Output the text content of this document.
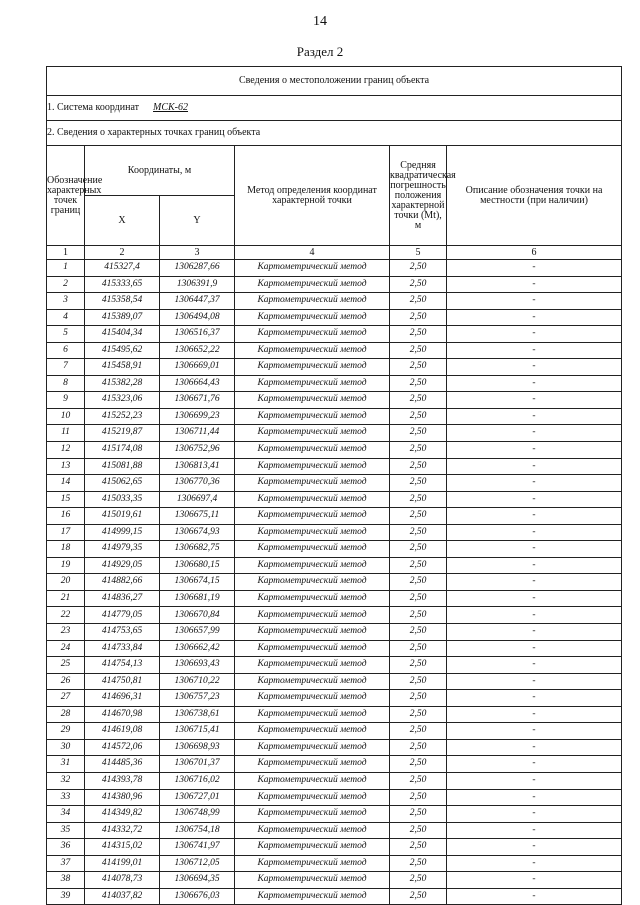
14
Раздел 2
Сведения о местоположении границ объекта					
1. Система координат МСК-62					
2. Сведения о характерных точках границ объекта					
Обозначение характерных точек границ	Координаты, м		Метод определения координат характерной точки	Средняя квадратическая погрешность положения характерной точки (Mt), м	Описание обозначения точки на местности (при наличии)
	X	Y			
1	2	3	4	5	6
1	415327,4	1306287,66	Картометрический метод	2,50	-
2	415333,65	1306391,9	Картометрический метод	2,50	-
3	415358,54	1306447,37	Картометрический метод	2,50	-
4	415389,07	1306494,08	Картометрический метод	2,50	-
5	415404,34	1306516,37	Картометрический метод	2,50	-
6	415495,62	1306652,22	Картометрический метод	2,50	-
7	415458,91	1306669,01	Картометрический метод	2,50	-
8	415382,28	1306664,43	Картометрический метод	2,50	-
9	415323,06	1306671,76	Картометрический метод	2,50	-
10	415252,23	1306699,23	Картометрический метод	2,50	-
11	415219,87	1306711,44	Картометрический метод	2,50	-
12	415174,08	1306752,96	Картометрический метод	2,50	-
13	415081,88	1306813,41	Картометрический метод	2,50	-
14	415062,65	1306770,36	Картометрический метод	2,50	-
15	415033,35	1306697,4	Картометрический метод	2,50	-
16	415019,61	1306675,11	Картометрический метод	2,50	-
17	414999,15	1306674,93	Картометрический метод	2,50	-
18	414979,35	1306682,75	Картометрический метод	2,50	-
19	414929,05	1306680,15	Картометрический метод	2,50	-
20	414882,66	1306674,15	Картометрический метод	2,50	-
21	414836,27	1306681,19	Картометрический метод	2,50	-
22	414779,05	1306670,84	Картометрический метод	2,50	-
23	414753,65	1306657,99	Картометрический метод	2,50	-
24	414733,84	1306662,42	Картометрический метод	2,50	-
25	414754,13	1306693,43	Картометрический метод	2,50	-
26	414750,81	1306710,22	Картометрический метод	2,50	-
27	414696,31	1306757,23	Картометрический метод	2,50	-
28	414670,98	1306738,61	Картометрический метод	2,50	-
29	414619,08	1306715,41	Картометрический метод	2,50	-
30	414572,06	1306698,93	Картометрический метод	2,50	-
31	414485,36	1306701,37	Картометрический метод	2,50	-
32	414393,78	1306716,02	Картометрический метод	2,50	-
33	414380,96	1306727,01	Картометрический метод	2,50	-
34	414349,82	1306748,99	Картометрический метод	2,50	-
35	414332,72	1306754,18	Картометрический метод	2,50	-
36	414315,02	1306741,97	Картометрический метод	2,50	-
37	414199,01	1306712,05	Картометрический метод	2,50	-
38	414078,73	1306694,35	Картометрический метод	2,50	-
39	414037,82	1306676,03	Картометрический метод	2,50	-
